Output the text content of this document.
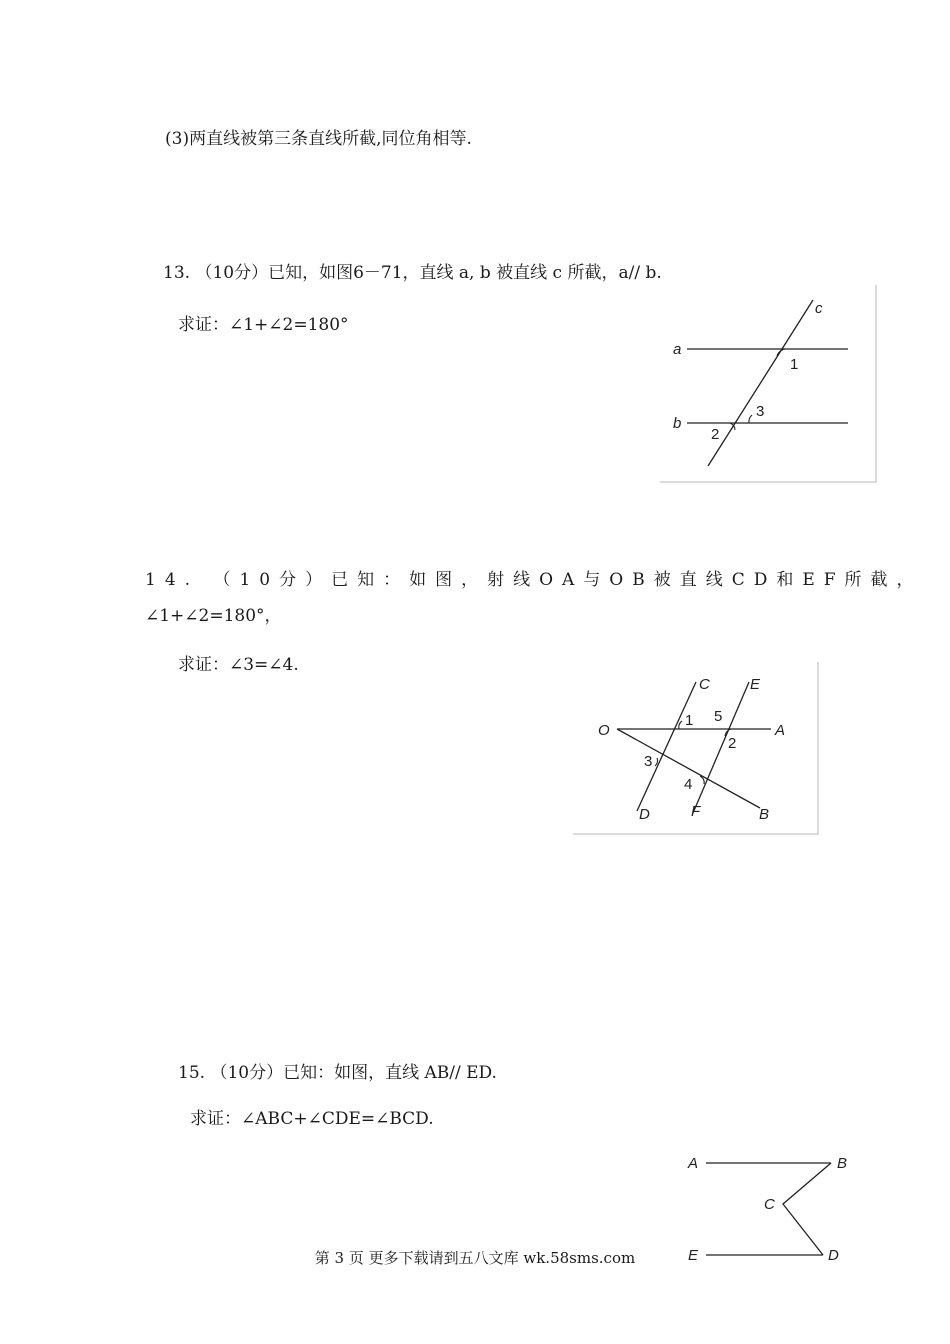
(3)两直线被第三条直线所截,同位角相等.
13. （10分）已知，如图6－71，直线 a, b 被直线 c 所截，a// b.
求证：∠1+∠2=180°
a
b
c
1
3
2
14. （10分）已知：如图，射线OA与OB被直线CD和EF所截，
∠1+∠2=180°，
求证：∠3=∠4.
O	A
B
C
D
E
F
1 5
2
3
4
15. （10分）已知：如图，直线 AB// ED.
求证：∠ABC+∠CDE=∠BCD.
A	B
C
D
E
第 3 页 更多下载请到五八文库 wk.58sms.com
